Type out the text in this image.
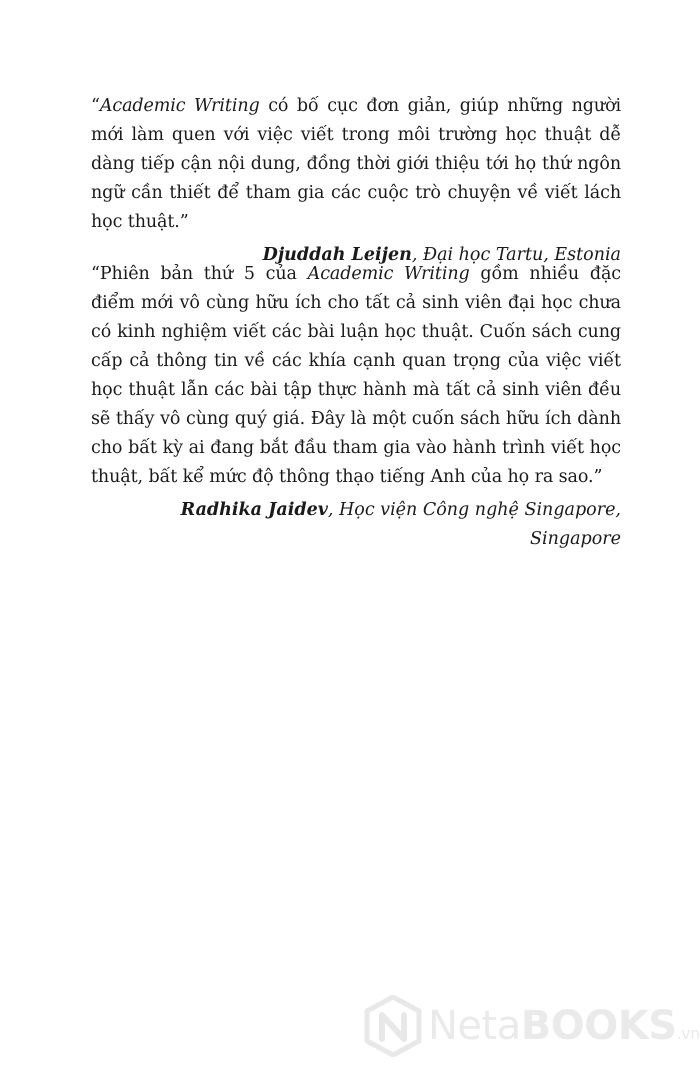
“Academic Writing có bố cục đơn giản, giúp những người mới làm quen với việc viết trong môi trường học thuật dễ dàng tiếp cận nội dung, đồng thời giới thiệu tới họ thứ ngôn ngữ cần thiết để tham gia các cuộc trò chuyện về viết lách học thuật.”

Djuddah Leijen, Đại học Tartu, Estonia

“Phiên bản thứ 5 của Academic Writing gồm nhiều đặc điểm mới vô cùng hữu ích cho tất cả sinh viên đại học chưa có kinh nghiệm viết các bài luận học thuật. Cuốn sách cung cấp cả thông tin về các khía cạnh quan trọng của việc viết học thuật lẫn các bài tập thực hành mà tất cả sinh viên đều sẽ thấy vô cùng quý giá. Đây là một cuốn sách hữu ích dành cho bất kỳ ai đang bắt đầu tham gia vào hành trình viết học thuật, bất kể mức độ thông thạo tiếng Anh của họ ra sao.”

Radhika Jaidev, Học viện Công nghệ Singapore, Singapore

NetaBOOKS.vn
